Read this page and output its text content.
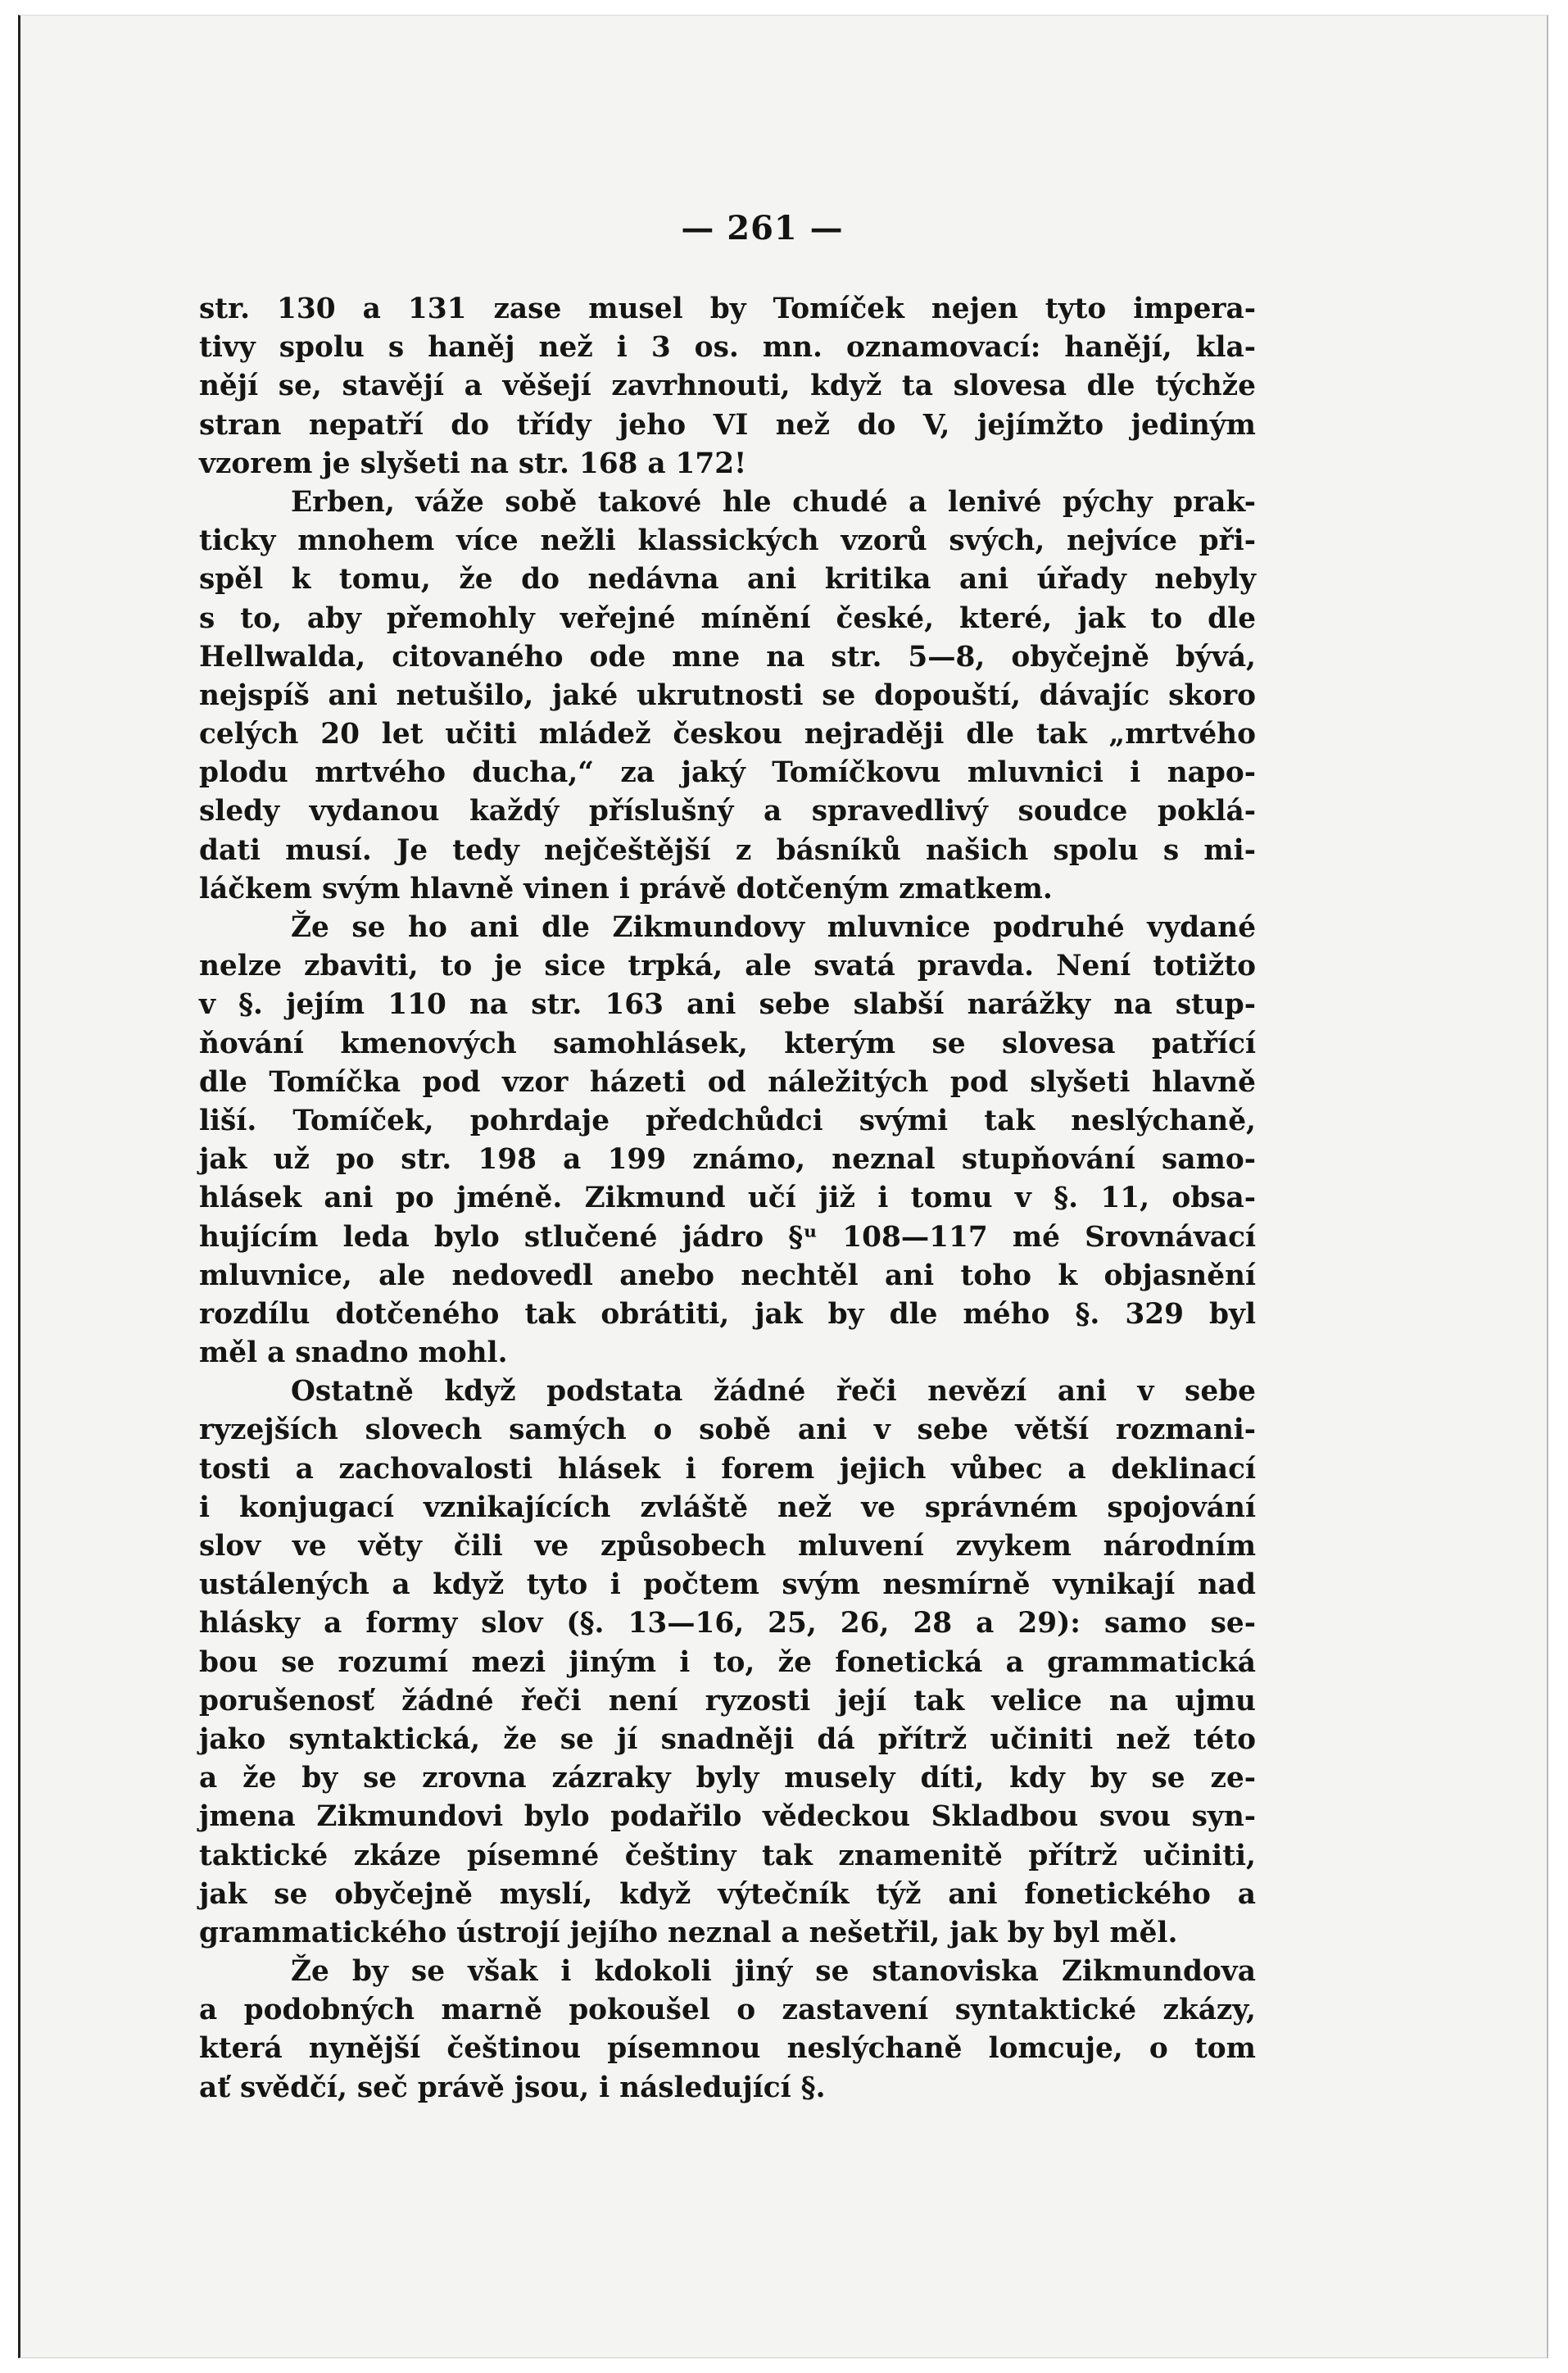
— 261 —
str. 130 a 131 zase musel by Tomíček nejen tyto impera-
tivy spolu s haněj než i 3 os. mn. oznamovací: hanějí, kla-
nějí se, stavějí a věšejí zavrhnouti, když ta slovesa dle týchže
stran nepatří do třídy jeho VI než do V, jejímžto jediným
vzorem je slyšeti na str. 168 a 172!
Erben, váže sobě takové hle chudé a lenivé pýchy prak-
ticky mnohem více nežli klassických vzorů svých, nejvíce při-
spěl k tomu, že do nedávna ani kritika ani úřady nebyly
s to, aby přemohly veřejné mínění české, které, jak to dle
Hellwalda, citovaného ode mne na str. 5—8, obyčejně bývá,
nejspíš ani netušilo, jaké ukrutnosti se dopouští, dávajíc skoro
celých 20 let učiti mládež českou nejraději dle tak „mrtvého
plodu mrtvého ducha,“ za jaký Tomíčkovu mluvnici i napo-
sledy vydanou každý příslušný a spravedlivý soudce poklá-
dati musí. Je tedy nejčeštější z básníků našich spolu s mi-
láčkem svým hlavně vinen i právě dotčeným zmatkem.
Že se ho ani dle Zikmundovy mluvnice podruhé vydané
nelze zbaviti, to je sice trpká, ale svatá pravda. Není totižto
v §. jejím 110 na str. 163 ani sebe slabší narážky na stup-
ňování kmenových samohlásek, kterým se slovesa patřící
dle Tomíčka pod vzor házeti od náležitých pod slyšeti hlavně
liší. Tomíček, pohrdaje předchůdci svými tak neslýchaně,
jak už po str. 198 a 199 známo, neznal stupňování samo-
hlásek ani po jméně. Zikmund učí již i tomu v §. 11, obsa-
hujícím leda bylo stlučené jádro §ᵘ 108—117 mé Srovnávací
mluvnice, ale nedovedl anebo nechtěl ani toho k objasnění
rozdílu dotčeného tak obrátiti, jak by dle mého §. 329 byl
měl a snadno mohl.
Ostatně když podstata žádné řeči nevězí ani v sebe
ryzejších slovech samých o sobě ani v sebe větší rozmani-
tosti a zachovalosti hlásek i forem jejich vůbec a deklinací
i konjugací vznikajících zvláště než ve správném spojování
slov ve věty čili ve způsobech mluvení zvykem národním
ustálených a když tyto i počtem svým nesmírně vynikají nad
hlásky a formy slov (§. 13—16, 25, 26, 28 a 29): samo se-
bou se rozumí mezi jiným i to, že fonetická a grammatická
porušenosť žádné řeči není ryzosti její tak velice na ujmu
jako syntaktická, že se jí snadněji dá přítrž učiniti než této
a že by se zrovna zázraky byly musely díti, kdy by se ze-
jmena Zikmundovi bylo podařilo vědeckou Skladbou svou syn-
taktické zkáze písemné češtiny tak znamenitě přítrž učiniti,
jak se obyčejně myslí, když výtečník týž ani fonetického a
grammatického ústrojí jejího neznal a nešetřil, jak by byl měl.
Že by se však i kdokoli jiný se stanoviska Zikmundova
a podobných marně pokoušel o zastavení syntaktické zkázy,
která nynější češtinou písemnou neslýchaně lomcuje, o tom
ať svědčí, seč právě jsou, i následující §.
